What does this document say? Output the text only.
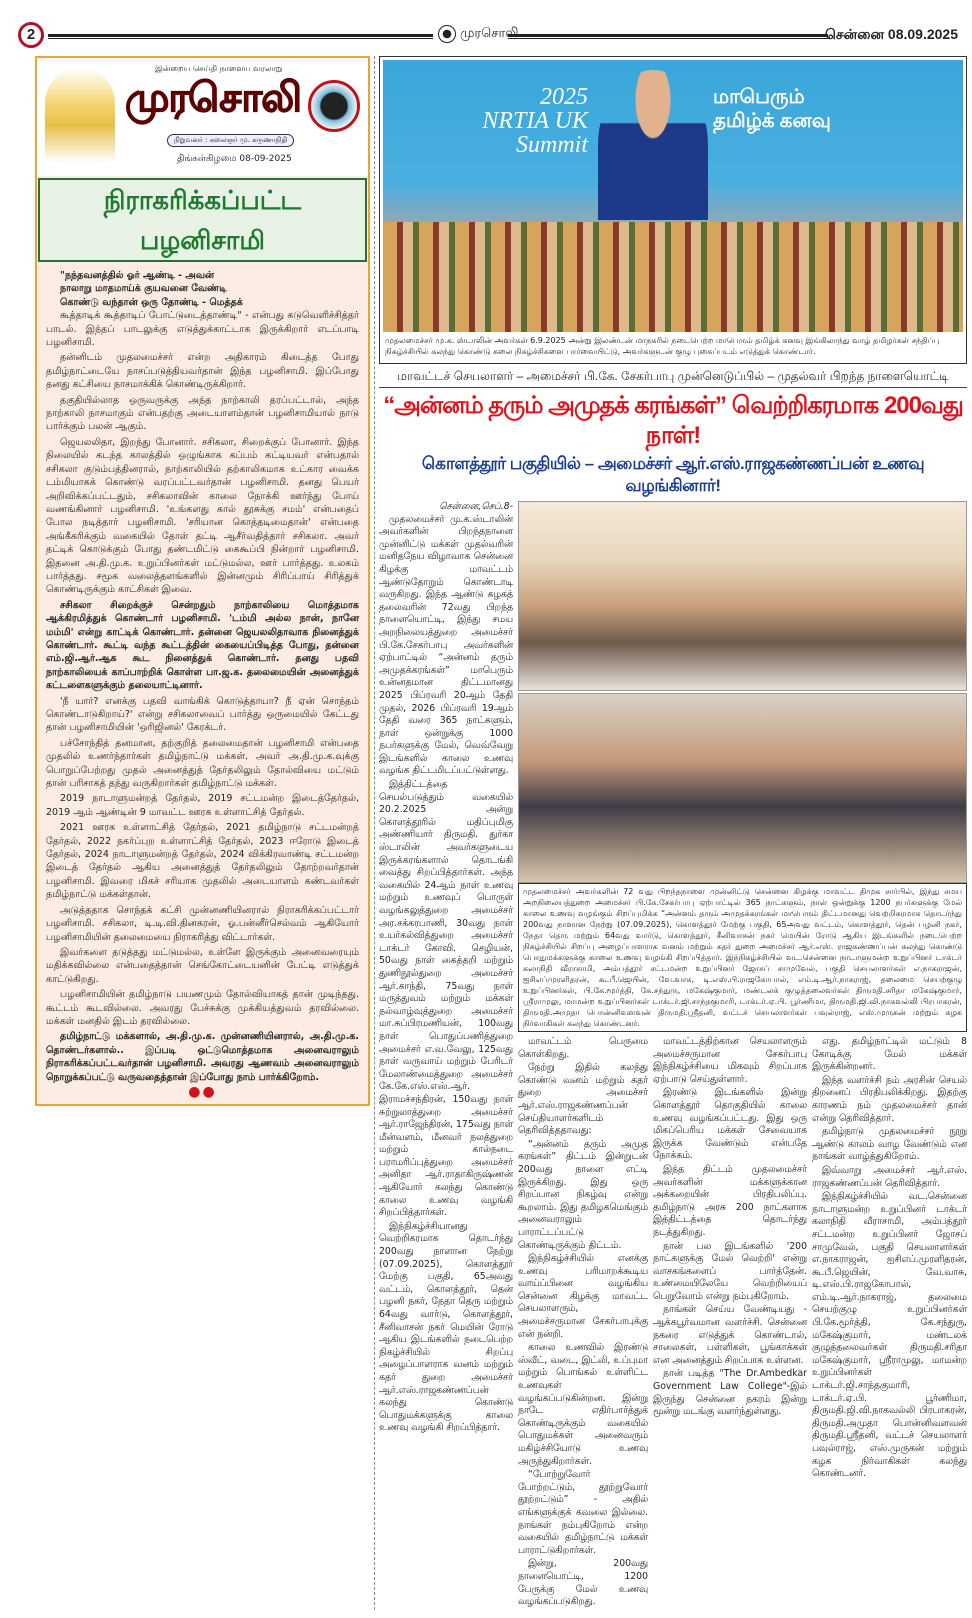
2	முரசொலி	சென்னை 08.09.2025
இன்றைய செய்தி நாளைய வரலாறு
முரசொலி
நிறுவனர் : கலைஞர் மு. கருணாநிதி
திங்கள்கிழமை 08-09-2025
நிராகரிக்கப்பட்ட பழனிசாமி
"நந்தவனத்தில் ஓர் ஆண்டி - அவன்
நாலாறு மாதமாய்க் குயவனை வேண்டி
கொண்டு வந்தான் ஒரு தோண்டி - மெத்தக்

கூத்தாடிக் கூத்தாடிப் போட்டுடைத்தாண்டி" - என்பது கடுவெளிச்சித்தர் பாடல். இந்தப் பாடலுக்கு எடுத்துக்காட்டாக இருக்கிறார் எடப்பாடி பழனிசாமி.

தன்னிடம் முதலமைச்சர் என்ற அதிகாரம் கிடைத்த போது தமிழ்நாட்டையே நாசப்படுத்தியவர்தான் இந்த பழனிசாமி. இப்போது தனது கட்சியை நாசமாக்கிக் கொண்டிருக்கிறார்.

தகுதியில்லாத ஒருவருக்கு அந்த நாற்காலி தரப்பட்டால், அந்த நாற்காலி நாசமாகும் என்பதற்கு அடையாளம்தான் பழனிசாமியால் நாடு பார்க்கும் பலன் ஆகும்.

ஜெயலலிதா, இறந்து போனார். சசிகலா, சிறைக்குப் போனார். இந்த நிலையில் கடந்த காலத்தில் ஒழுங்காக கப்பம் கட்டியவர் என்பதால் சசிகலா குடும்பத்தினரால், நாற்காலியில் தற்காலிகமாக உட்கார வைக்க டம்மியாகக் கொண்டு வரப்பட்டவர்தான் பழனிசாமி. தனது பெயர் அறிவிக்கப்பட்டதும், சசிகலாவின் காலை நோக்கி ஊர்ந்து போய் வணங்கினார் பழனிசாமி. 'உங்களது கால் தூசுக்கு சமம்' என்பதைப் போல நடித்தார் பழனிசாமி. 'சரியான கொத்தடிமைதான்' என்பதை அங்கீகரிக்கும் வகையில் தோள் தட்டி ஆசீர்வதித்தார் சசிகலா. அவர் தட்டிக் கொடுக்கும் போது தண்டமிட்டு கைகூப்பி நின்றார் பழனிசாமி. இதனை அ.தி.மு.க. உறுப்பினர்கள் மட்டுமல்ல, ஊர் பார்த்தது. உலகம் பார்த்தது. சமூக வலைத்தளங்களில் இன்னமும் சிரிப்பாய் சிரித்துக் கொண்டிருக்கும் காட்சிகள் இவை.

சசிகலா சிறைக்குச் சென்றதும் நாற்காலியை மொத்தமாக ஆக்கிரமித்துக் கொண்டார் பழனிசாமி. 'டம்மி அல்ல நான், நானே மம்மி' என்று காட்டிக் கொண்டார். தன்னை ஜெயலலிதாவாக நினைத்துக் கொண்டார். கூட்டி வந்த கூட்டத்தின் கையைப்பிடித்த போது, தன்னை எம்.ஜி.ஆர்.ஆக கூட நினைத்துக் கொண்டார். தனது பதவி நாற்காலியைக் காப்பாற்றிக் கொள்ள பா.ஜ.க. தலைமையின் அனைத்துக் கட்டளைகளுக்கும் தலையாட்டினார்.

'நீ யார்? எனக்கு பதவி வாங்கிக் கொடுத்தாயா? நீ ஏன் சொந்தம் கொண்டாடுகிறாய்?' என்று சசிகலாவைப் பார்த்து ஒருமையில் கேட்டது தான் பழனிசாமியின் 'ஒரிஜினல்' கேரக்டர்.

பச்சோந்தித் தனமான, தற்குறித் தலைமைதான் பழனிசாமி என்பதை முதலில் உணர்ந்தார்கள் தமிழ்நாட்டு மக்கள். அவர் அ.தி.மு.க.வுக்கு பொறுப்பேற்றது முதல் அனைத்துத் தேர்தலிலும் தோல்வியை மட்டும் தான் பரிசாகத் தந்து வருகிறார்கள் தமிழ்நாட்டு மக்கள்.

2019 நாடாளுமன்றத் தேர்தல், 2019 சட்டமன்ற இடைத்தேர்தல், 2019 ஆம் ஆண்டின் 9 மாவட்ட ஊரக உள்ளாட்சித் தேர்தல்.

2021 ஊரக உள்ளாட்சித் தேர்தல், 2021 தமிழ்நாடு சட்டமன்றத் தேர்தல், 2022 நகர்ப்புற உள்ளாட்சித் தேர்தல், 2023 ஈரோடு இடைத் தேர்தல், 2024 நாடாளுமன்றத் தேர்தல், 2024 விக்கிரவாண்டி சட்டமன்ற இடைத் தேர்தல் ஆகிய அனைத்துத் தேர்தலிலும் தோற்றவர்தான் பழனிசாமி. இவரை மிகச் சரியாக முதலில் அடையாளம் கண்டவர்கள் தமிழ்நாட்டு மக்கள்தான்.

அடுத்ததாக சொந்தக் கட்சி முன்னணியினரால் நிராகரிக்கப்பட்டார் பழனிசாமி. சசிகலா, டி.டி.வி.தினகரன், ஓ.பன்னீர்செல்வம் ஆகியோர் பழனிசாமியின் தலைமையை நிராகரித்து விட்டார்கள்.

இவர்களை தடுத்தது மட்டுமல்ல, உள்ளே இருக்கும் அனைவரையும் மதிக்கவில்லை என்பதைத்தான் செங்கோட்டையனின் பேட்டி எடுத்துக் காட்டுகிறது.

பழனிசாமியின் தமிழ்நாடு பயணமும் தோல்வியாகத் தான் முடிந்தது. கூட்டம் கூடவில்லை. அவரது பேச்சுக்கு முக்கியத்துவம் தரவில்லை. மக்கள் மனதில் இடம் தரவில்லை.

தமிழ்நாட்டு மக்களால், அ.தி.மு.க. முன்னணியினரால், அ.தி.மு.க. தொண்டர்களால்.. இப்படி ஒட்டுமொத்தமாக அனைவராலும் நிராகரிக்கப்பட்டவர்தான் பழனிசாமி. அவரது ஆணவம் அனைவராலும் நொறுக்கப்பட்டு வருவதைத்தான் இப்போது நாம் பார்க்கிறோம்.

●●
2025 NRTIA UK Summit
மாபெரும் தமிழ்க் கனவு
முதலமைச்சர் மு.க. ஸ்டாலின் அவர்கள் 6.9.2025 அன்று இலண்டன் மாநகரில் நடைபெற்ற மாபெரும் தமிழ்க் கனவு இங்கிலாந்து வாழ் தமிழர்கள் சந்திப்பு நிகழ்ச்சியில் கலந்து கொண்டு கலை நிகழ்ச்சிகளை பார்வையிட்டு, அவர்களுடன் குழு புகைப்படம் எடுத்துக் கொண்டார்.
மாவட்டச் செயலாளர் – அமைச்சர் பி.கே. சேகர்பாபு முன்னெடுப்பில் – முதல்வர் பிறந்த நாளையொட்டி
“அன்னம் தரும் அமுதக் கரங்கள்” வெற்றிகரமாக 200வது நாள்!
கொளத்தூர் பகுதியில் – அமைச்சர் ஆர்.எஸ்.ராஜகண்ணப்பன் உணவு வழங்கினார்!
சென்னை,செப்.8-

முதலமைச்சர் மு.க.ஸ்டாலின் அவர்களின் பிறந்தநாளை முன்னிட்டு மக்கள் முதல்வரின் மனிதநேய விழாவாக சென்னை கிழக்கு மாவட்டம் ஆண்டுதோறும் கொண்டாடி வருகிறது. இந்த ஆண்டு கழகத் தலைவரின் 72வது பிறந்த நாளையொட்டி, இந்து சமய அறநிலையத்துறை அமைச்சர் பி.கே.சேகர்பாபு அவர்களின் ஏற்பாட்டில் “அன்னம் தரும் அமுதக்கரங்கள்” மாபெரும் உன்னதமான திட்டமானது 2025 பிப்ரவரி 20ஆம் தேதி முதல், 2026 பிப்ரவரி 19ஆம் தேதி வரை 365 நாட்களும், நாள் ஒன்றுக்கு 1000 நபர்களுக்கு மேல், வெவ்வேறு இடங்களில் காலை உணவு வழங்க திட்டமிடப்பட்டுள்ளது.

இத்திட்டத்தை செயல்படுத்தும் வகையில் 20.2.2025 அன்று கொளத்தூரில் மதிப்புமிகு அண்ணியார் திருமதி. துர்கா ஸ்டாலின் அவர்களுடைய இருக்கரங்களால் தொடங்கி வைத்து சிறப்பித்தார்கள். அந்த வகையில் 24ஆம் நாள் உணவு மற்றும் உணவுப் பொருள் வழங்கலுத்துறை அமைச்சர் அர.சக்கரபாணி, 30வது நாள் உயர்கல்வித்துறை அமைச்சர் டாக்டர் கோவி. செழியன், 50வது நாள் கைத்தறி மற்றும் துணிநூல்துறை அமைச்சர் ஆர்.காந்தி, 75வது நாள் மருத்துவம் மற்றும் மக்கள் நல்வாழ்வுத்துறை அமைச்சர் மா.சுப்பிரமணியன், 100வது நாள் பொதுப்பணித்துறை அமைச்சர் எ.வ.வேலு, 125வது நாள் வருவாய் மற்றும் பேரிடர் மேலாண்மைத்துறை அமைச்சர் கே.கே.எஸ்.எஸ்.ஆர். இராமச்சந்திரன், 150வது நாள் சுற்றுலாத்துறை அமைச்சர் ஆர்.ராஜேந்திரன், 175வது நாள் மீன்வளம், மீனவர் நலத்துறை மற்றும் கால்நடை பராமரிப்புத்துறை அமைச்சர் அனிதா ஆர்.ராதாகிருஷ்ணன் ஆகியோர் கலந்து கொண்டு காலை உணவு வழங்கி சிறப்பித்தார்கள்.

இந்நிகழ்ச்சியானது வெற்றிகரமாக தொடர்ந்து 200வது நாளான நேற்று (07.09.2025), கொளத்தூர் மேற்கு பகுதி, 65அவது வட்டம், கொளத்தூர், தென் பழனி நகர், நேதா தெரு மற்றும் 64வது வார்டு, கொளத்தூர், சீனிவாசன் நகர் மெயின் ரோடு ஆகிய இடங்களில் நடைபெற்ற நிகழ்ச்சியில் சிறப்பு அழைப்பாளராக வனம் மற்றும் கதர் துறை அமைச்சர் ஆர்.எஸ்.ராஜகண்ணப்பன் கலந்து கொண்டு பொதுமக்களுக்கு காலை உணவு வழங்கி சிறப்பித்தார்.

முதலமைச்சர் அவர்களின் 72 வது பிறந்தநாளை முன்னிட்டு சென்னை கிழக்கு மாவட்ட திமுக சார்பில், இந்து சமய அறநிலையத்துறை அமைச்சர் பி.கே.சேகர்பாபு ஏற்பாட்டில் 365 நாட்களும், நாள் ஒன்றுக்கு 1200 நபர்களுக்கு மேல் காலை உணவு வழங்கும் சிறப்புமிக்க “அன்னம் தரும் அமுதக்கரங்கள் மாபெரும் திட்டமானது வெற்றிகரமாக தொடர்ந்து 200வது நாளான நேற்று (07.09.2025), கொளத்தூர் மேற்கு பகுதி, 65அவது வட்டம், கொளத்தூர், தென் பழனி நகர், நேதா தெரு மற்றும் 64வது வார்டு, கொளத்தூர், சீனிவாசன் நகர் மெயின் ரோடு ஆகிய இடங்களில் நடைபெற்ற நிகழ்ச்சியில் சிறப்பு அழைப்பாளராக வனம் மற்றும் கதர் துறை அமைச்சர் ஆர்.எஸ். ராஜகண்ணப்பன் கலந்து கொண்டு பொதுமக்களுக்கு காலை உணவு வழங்கி சிறப்பித்தார். இந்நிகழ்ச்சியில் வட.சென்னை நாடாளுமன்ற உறுப்பினர் டாக்டர் கலாநிதி வீராசாமி, அம்பத்தூர் சட்டமன்ற உறுப்பினர் ஜோசப் சாமுவேல், பகுதி செயலாளர்கள் எ.நாகராஜன், ஐசிஎப்முரளிதரன், கூ.பீ.ஜெயின், வே.வாசு, டி.எஸ்.பி.ராஜகோபால், எம்.டி.ஆர்.நாகராஜ், தலைமை செயற்குழு உறுப்பினர்கள், பி.கே.மூர்த்தி, கே.சந்துரு, மகேஷ்குமார், மண்டலக் குழுத்தலைவர்கள் திருமதி.சரிதா மகேஷ்குமார், ஸ்ரீராமுலு, மாமன்ற உறுப்பினர்கள் டாக்டர்.ஜி.சாந்தகுமாரி, டாக்டர்.ஏ.பி. பூர்ணிமா, திருமதி.ஜி.வி.நாகவல்லி பிரபாகரன், திருமதி.அமுதா பொன்னிவளவன் திருமதி.ஸ்ரீதனி, வட்டச் செயலாளர்கள் பவுல்ராஜ், எஸ்.முருகன் மற்றும் கழக நிர்வாகிகள் கலந்து கொண்டனர்.

மாவட்டம் பெருமை கொள்கிறது.

நேற்று இதில் கலந்து கொண்டு வனம் மற்றும் கதர் துறை அமைச்சர் ஆர்.எஸ்.ராஜகண்ணப்பன் செய்தியாளர்களிடம் தெரிவித்ததாவது:

“அன்னம் தரும் அமுத கரங்கள்” திட்டம் இன்றுடன் 200வது நாளை எட்டி இருக்கிறது. இது ஒரு சிறப்பான நிகழ்வு என்று கூறலாம். இது தமிழகமெங்கும் அனைவராலும் பாராட்டப்பட்டு கொண்டிருக்கும் திட்டம்.

இந்நிகழ்ச்சியில் எனக்கு உணவு பரிமாறக்கூடிய வாய்ப்பினை வழங்கிய சென்னை கிழக்கு மாவட்ட செயலாளரும், அமைச்சருமான சேகர்பாபுக்கு என் நன்றி.

காலை உணவில் இரண்டு ஸ்வீட், வடை, இட்லி, உப்புமா மற்றும் பொங்கல் உள்ளிட்ட உணவுகள் வழங்கப்படுகின்றன. இன்று நாடே எதிர்பார்த்துக் கொண்டிருக்கும் வகையில் பொதுமக்கள் அனைவரும் மகிழ்ச்சியோடு உணவு அருந்துகிறார்கள்.

“போற்றுவோர் போற்றட்டும், தூற்றுவோர் தூற்றட்டும்” - அதில் எங்களுக்குக் கவலை இல்லை. நாங்கள் நம்புகிறோம் என்ற வகையில் தமிழ்நாட்டு மக்கள் பாராட்டுகிறார்கள்.

இன்று, 200வது நாளையொட்டி, 1200 பேருக்கு மேல் உணவு வழங்கப்படுகிறது.

மாவட்டத்திற்கான செயலாளரும் அமைச்சருமான சேகர்பாபு இந்நிகழ்ச்சியை மிகவும் சிறப்பாக ஏற்பாடு செய்துள்ளார்.

இரண்டு இடங்களில் இன்று கொளத்தூர் தொகுதியில் காலை உணவு வழங்கப்பட்டது. இது ஒரு மிகப்பெரிய மக்கள் சேவையாக இருக்க வேண்டும் என்பதே நோக்கம்.

இந்த திட்டம் முதலமைச்சர் அவர்களின் மக்களுக்கான அக்கறையின் பிரதிபலிப்பு. தமிழ்நாடு அரசு 200 நாட்களாக இத்திட்டத்தை தொடர்ந்து நடத்துகிறது.

நான் பல இடங்களில் '200 நாட்களுக்கு மேல் வெற்றி' என்று வாசகங்களைப் பார்த்தேன். உண்மையிலேயே வெற்றியைப் பெறுவோம் என்று நம்புகிறோம்.

நாங்கள் செய்ய வேண்டியது - ஆக்கபூர்வமான வளர்ச்சி. சென்னை நகரை எடுத்துக் கொண்டால், சாலைகள், பள்ளிகள், பூங்காக்கள் என அனைத்தும் சிறப்பாக உள்ளன.

நான் படித்த "The Dr.Ambedkar Government Law College"-இல் இருந்து சென்னை நகரம் இன்று மூன்று மடங்கு வளர்ந்துள்ளது.

எது. தமிழ்நாட்டில் மட்டும் 8 கோடிக்கு மேல் மக்கள் இருக்கின்றனர்.

இந்த வளர்ச்சி நம் அரசின் செயல் திறனைப் பிரதிபலிக்கிறது. இதற்கு காரணம் நம் முதலமைச்சர் தான் என்று தெரிவித்தார்.

தமிழ்நாடு முதலமைச்சர் நூறு ஆண்டு காலம் வாழ வேண்டும் என நாங்கள் வாழ்த்துகிறோம்.

இவ்வாறு அமைச்சர் ஆர்.எஸ். ராஜகண்ணப்பன் தெரிவித்தார்.

இந்நிகழ்ச்சியில் வட.சென்னை நாடாளுமன்ற உறுப்பினர் டாக்டர் கலாநிதி வீராசாமி, அம்பத்தூர் சட்டமன்ற உறுப்பினர் ஜோசப் சாமுவேல், பகுதி செயலாளர்கள் எ.நாகராஜன், ஐசிஎப்.முரளிதரன், கூ.பீ.ஜெயின், வே.வாசு, டி.எஸ்.பி.ராஜகோபால், எம்.டி.ஆர்.நாகராஜ், தலைமை செயற்குழு உறுப்பினர்கள் பி.கே.மூர்த்தி, கே.சந்துரு, மகேஷ்குமார், மண்டலக் குழுத்தலைவர்கள் திருமதி.சரிதா மகேஷ்குமார், ஸ்ரீராமுலு, மாமன்ற உறுப்பினர்கள் டாக்டர்.ஜி.சாந்தகுமாரி, டாக்டர்.ஏ.பி. பூர்ணிமா, திருமதி.ஜி.வி.நாகவல்லி பிரபாகரன், திருமதி.அமுதா பொன்னிவளவன் திருமதி.ஸ்ரீதனி, வட்டச் செயலாளர் பவுல்ராஜ், எஸ்.முருகன் மற்றும் கழக நிர்வாகிகள் கலந்து கொண்டனர்.
